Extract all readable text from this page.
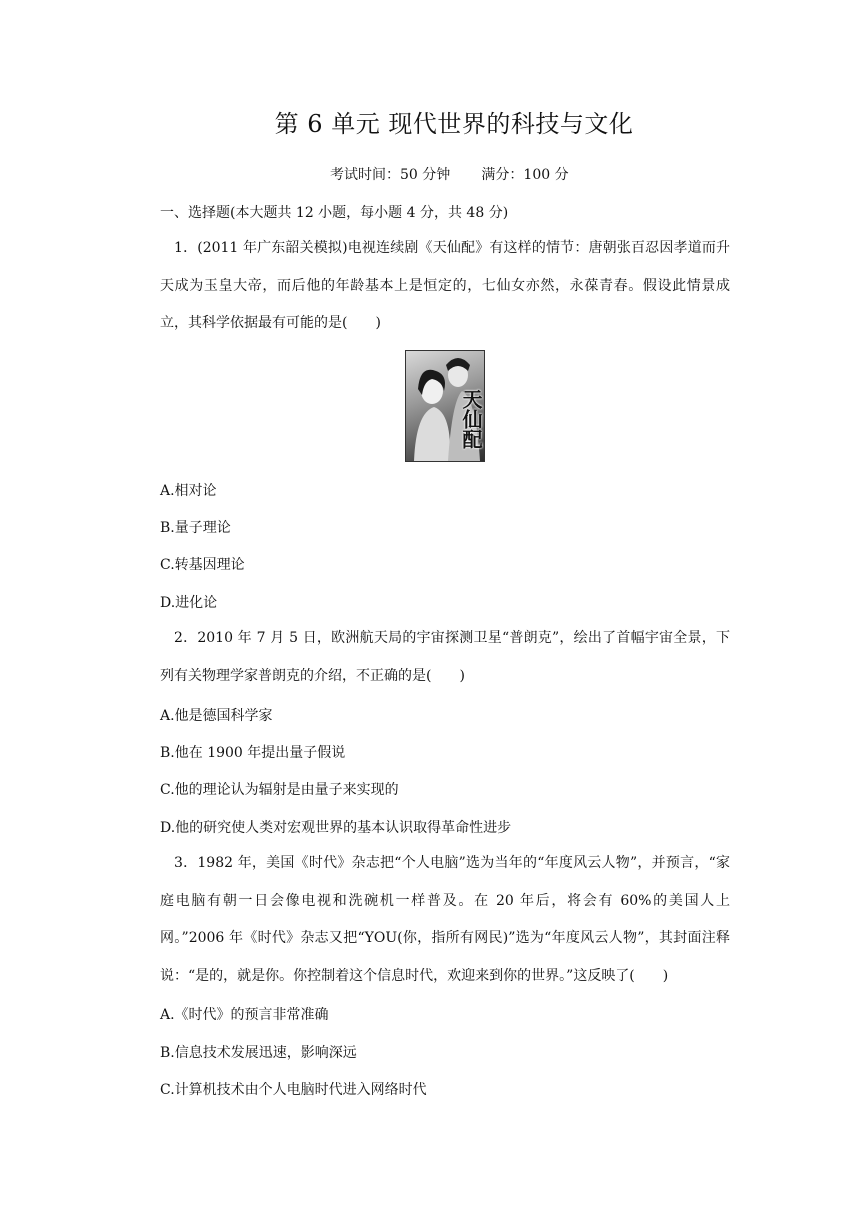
第 6 单元 现代世界的科技与文化
考试时间：50 分钟 满分：100 分
一、选择题(本大题共 12 小题，每小题 4 分，共 48 分)
1．(2011 年广东韶关模拟)电视连续剧《天仙配》有这样的情节：唐朝张百忍因孝道而升天成为玉皇大帝，而后他的年龄基本上是恒定的，七仙女亦然，永葆青春。假设此情景成立，其科学依据最有可能的是(　　)
天仙配
A.相对论
B.量子理论
C.转基因理论
D.进化论
2．2010 年 7 月 5 日，欧洲航天局的宇宙探测卫星“普朗克”，绘出了首幅宇宙全景，下列有关物理学家普朗克的介绍，不正确的是(　　)
A.他是德国科学家
B.他在 1900 年提出量子假说
C.他的理论认为辐射是由量子来实现的
D.他的研究使人类对宏观世界的基本认识取得革命性进步
3．1982 年，美国《时代》杂志把“个人电脑”选为当年的“年度风云人物”，并预言，“家庭电脑有朝一日会像电视和洗碗机一样普及。在 20 年后，将会有 60%的美国人上网。”2006 年《时代》杂志又把“YOU(你，指所有网民)”选为“年度风云人物”，其封面注释说：“是的，就是你。你控制着这个信息时代，欢迎来到你的世界。”这反映了(　　)
A.《时代》的预言非常准确
B.信息技术发展迅速，影响深远
C.计算机技术由个人电脑时代进入网络时代
